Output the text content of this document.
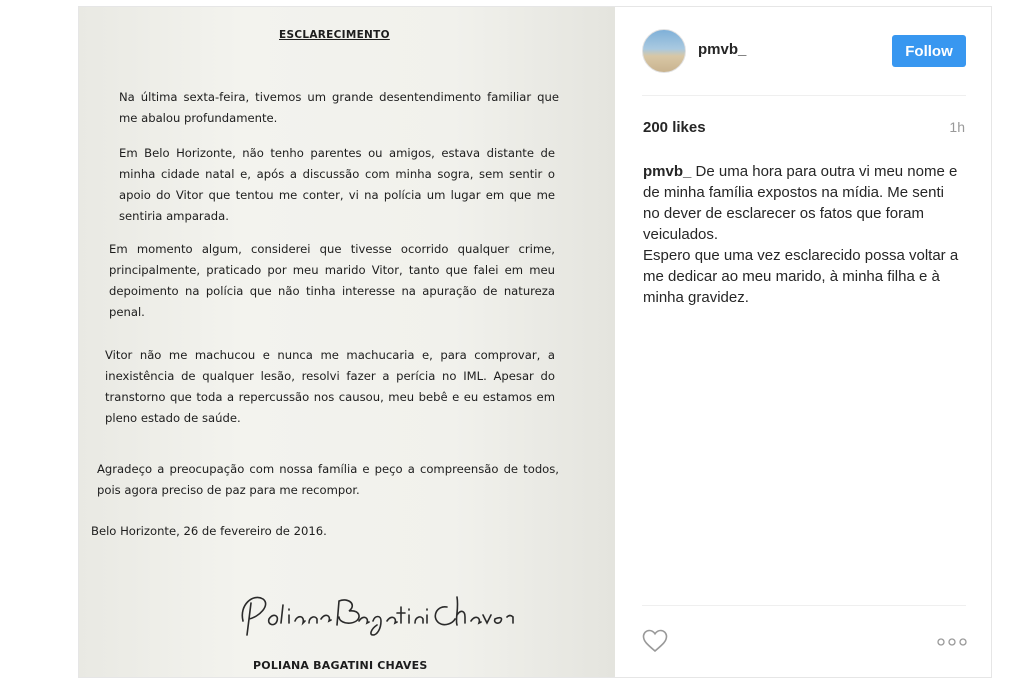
ESCLARECIMENTO

Na última sexta-feira, tivemos um grande desentendimento familiar que me abalou profundamente.

Em Belo Horizonte, não tenho parentes ou amigos, estava distante de minha cidade natal e, após a discussão com minha sogra, sem sentir o apoio do Vitor que tentou me conter, vi na polícia um lugar em que me sentiria amparada.

Em momento algum, considerei que tivesse ocorrido qualquer crime, principalmente, praticado por meu marido Vitor, tanto que falei em meu depoimento na polícia que não tinha interesse na apuração de natureza penal.

Vitor não me machucou e nunca me machucaria e, para comprovar, a inexistência de qualquer lesão, resolvi fazer a perícia no IML. Apesar do transtorno que toda a repercussão nos causou, meu bebê e eu estamos em pleno estado de saúde.

Agradeço a preocupação com nossa família e peço a compreensão de todos, pois agora preciso de paz para me recompor.

Belo Horizonte, 26 de fevereiro de 2016.

POLIANA BAGATINI CHAVES

pmvb_	Follow

200 likes	1h

pmvb_ De uma hora para outra vi meu nome e de minha família expostos na mídia. Me senti no dever de esclarecer os fatos que foram veiculados.
Espero que uma vez esclarecido possa voltar a me dedicar ao meu marido, à minha filha e à minha gravidez.
